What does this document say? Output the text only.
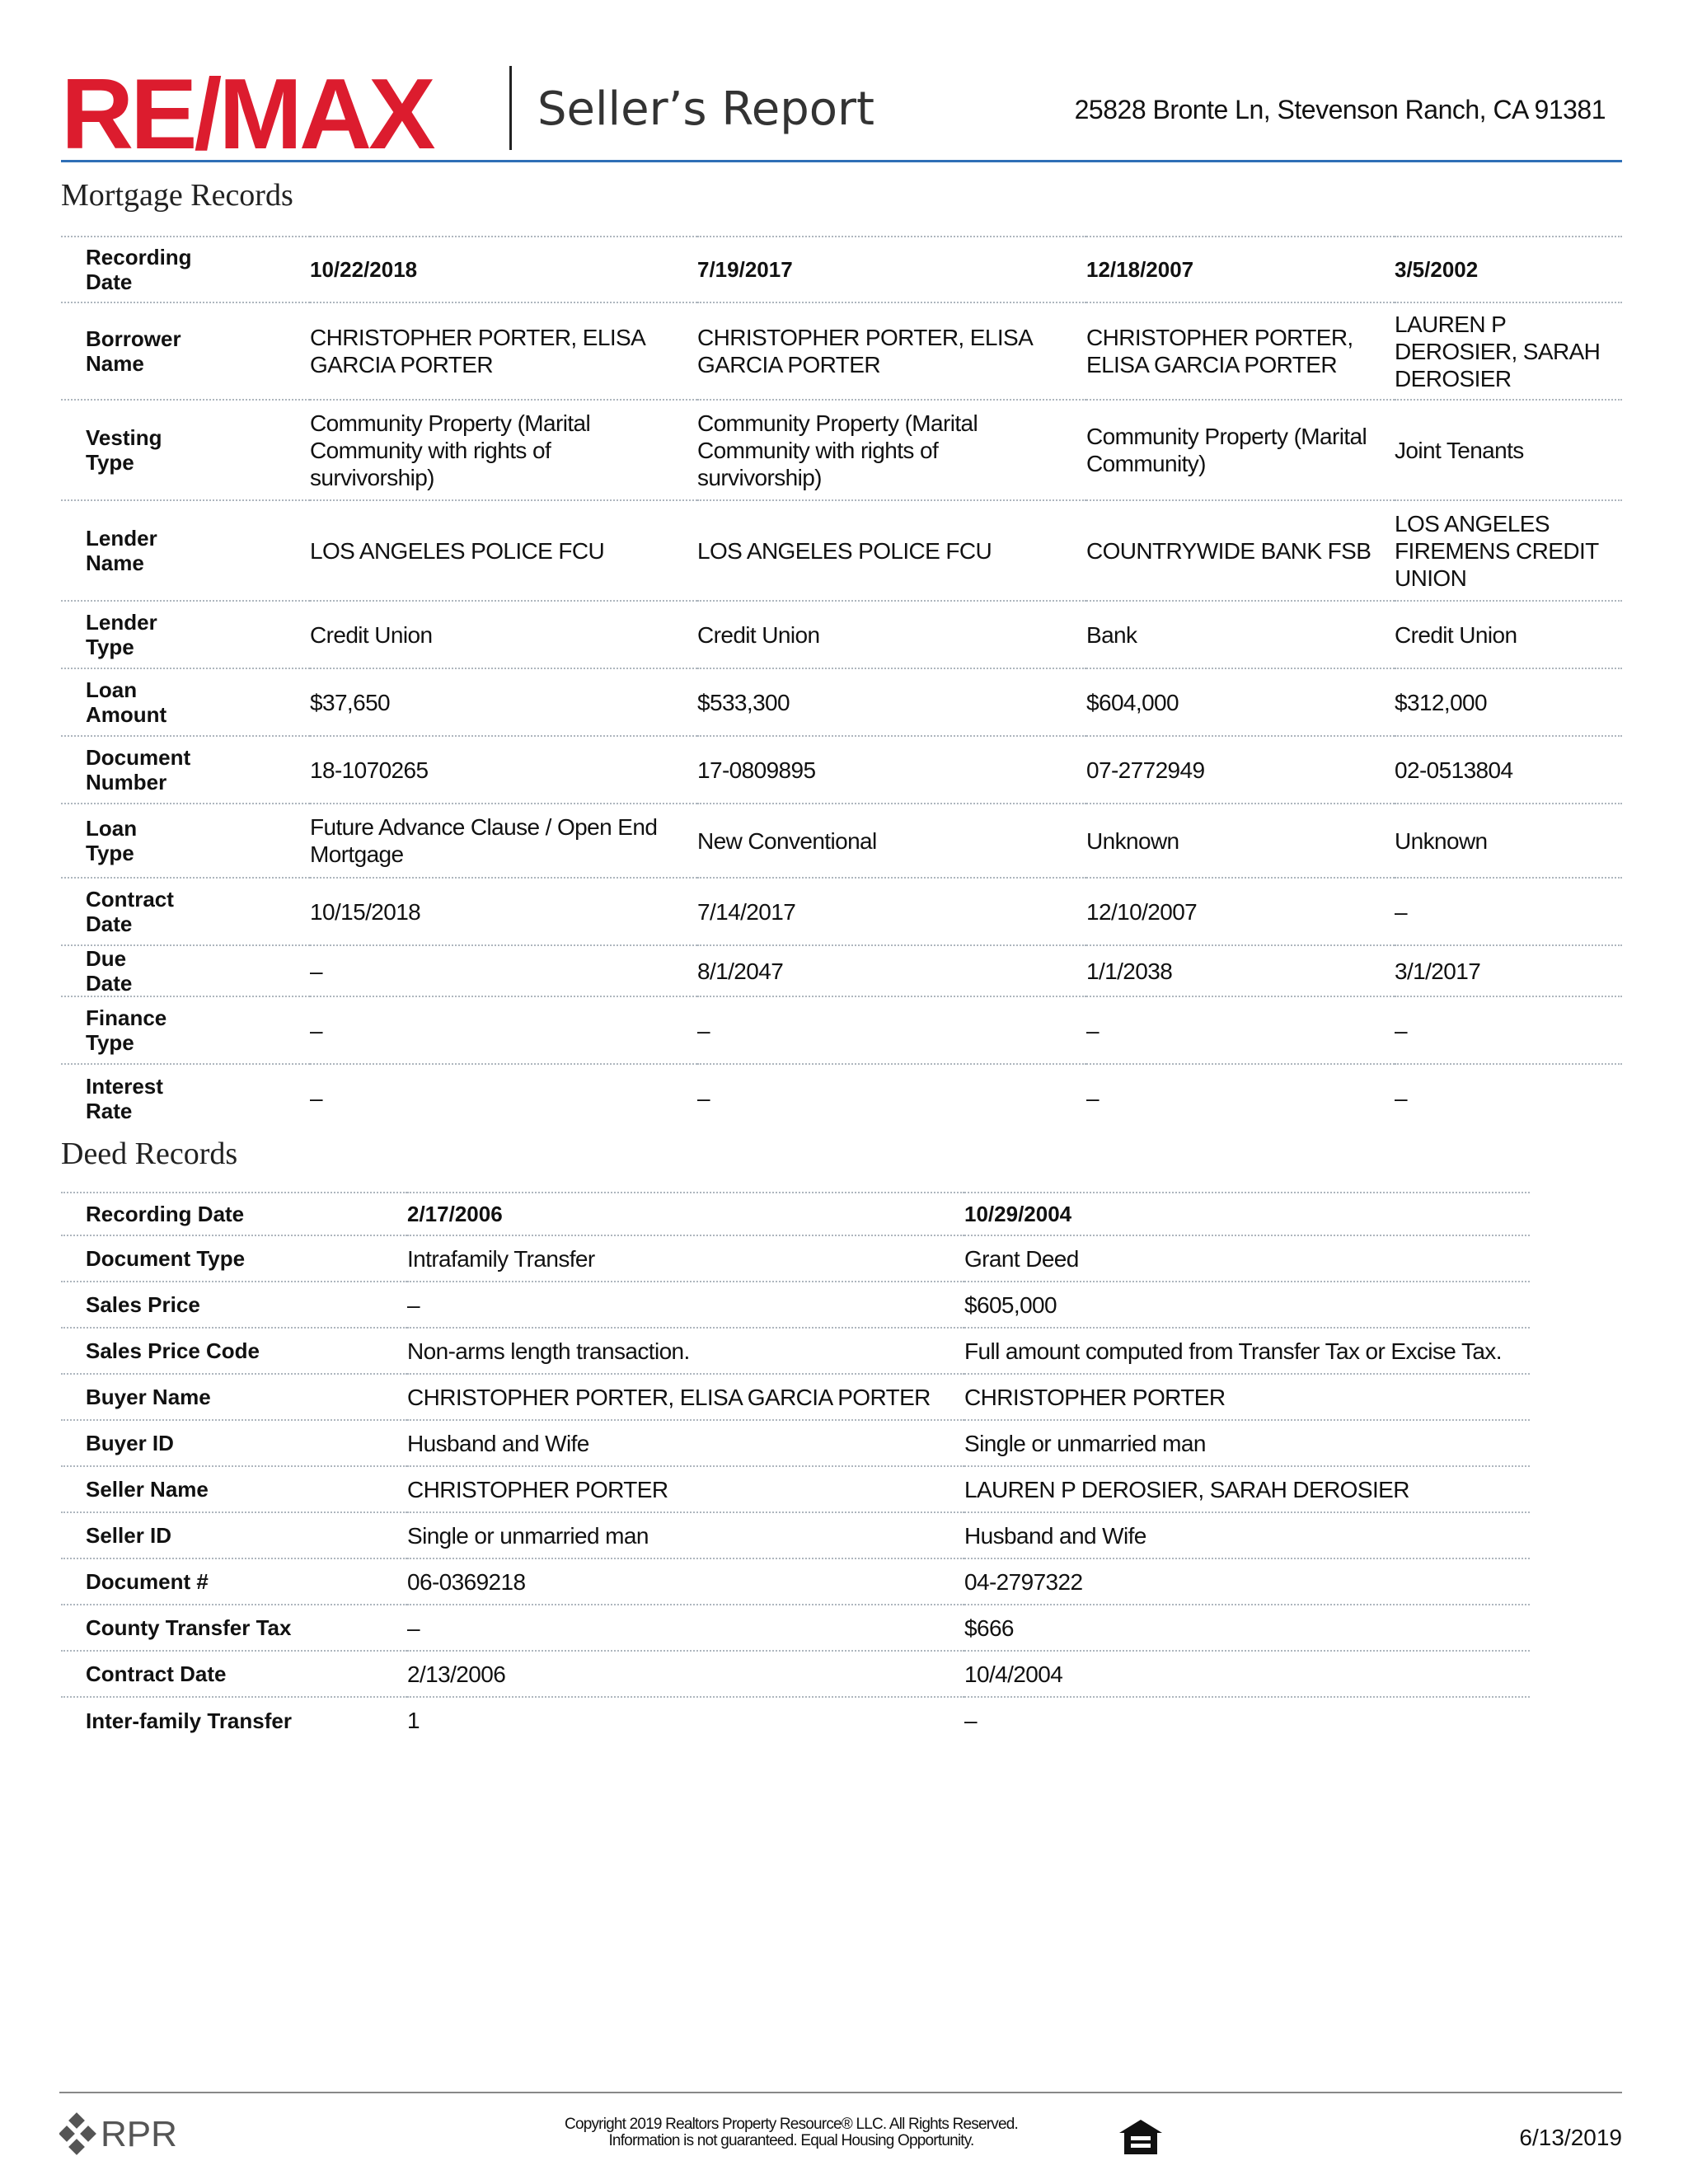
RE/MAX Seller’s Report	25828 Bronte Ln, Stevenson Ranch, CA 91381
Mortgage Records
Recording Date	10/22/2018	7/19/2017	12/18/2007	3/5/2002
Borrower Name	CHRISTOPHER PORTER, ELISA GARCIA PORTER	CHRISTOPHER PORTER, ELISA GARCIA PORTER	CHRISTOPHER PORTER, ELISA GARCIA PORTER	LAUREN P DEROSIER, SARAH DEROSIER
Vesting Type	Community Property (Marital Community with rights of survivorship)	Community Property (Marital Community with rights of survivorship)	Community Property (Marital Community)	Joint Tenants
Lender Name	LOS ANGELES POLICE FCU	LOS ANGELES POLICE FCU	COUNTRYWIDE BANK FSB	LOS ANGELES FIREMENS CREDIT UNION
Lender Type	Credit Union	Credit Union	Bank	Credit Union
Loan Amount	$37,650	$533,300	$604,000	$312,000
Document Number	18-1070265	17-0809895	07-2772949	02-0513804
Loan Type	Future Advance Clause / Open End Mortgage	New Conventional	Unknown	Unknown
Contract Date	10/15/2018	7/14/2017	12/10/2007	–
Due Date	–	8/1/2047	1/1/2038	3/1/2017
Finance Type	–	–	–	–
Interest Rate	–	–	–	–
Deed Records
Recording Date	2/17/2006	10/29/2004
Document Type	Intrafamily Transfer	Grant Deed
Sales Price	–	$605,000
Sales Price Code	Non-arms length transaction.	Full amount computed from Transfer Tax or Excise Tax.
Buyer Name	CHRISTOPHER PORTER, ELISA GARCIA PORTER	CHRISTOPHER PORTER
Buyer ID	Husband and Wife	Single or unmarried man
Seller Name	CHRISTOPHER PORTER	LAUREN P DEROSIER, SARAH DEROSIER
Seller ID	Single or unmarried man	Husband and Wife
Document #	06-0369218	04-2797322
County Transfer Tax	–	$666
Contract Date	2/13/2006	10/4/2004
Inter-family Transfer	1	–
RPR	Copyright 2019 Realtors Property Resource® LLC. All Rights Reserved.
Information is not guaranteed. Equal Housing Opportunity.	6/13/2019
